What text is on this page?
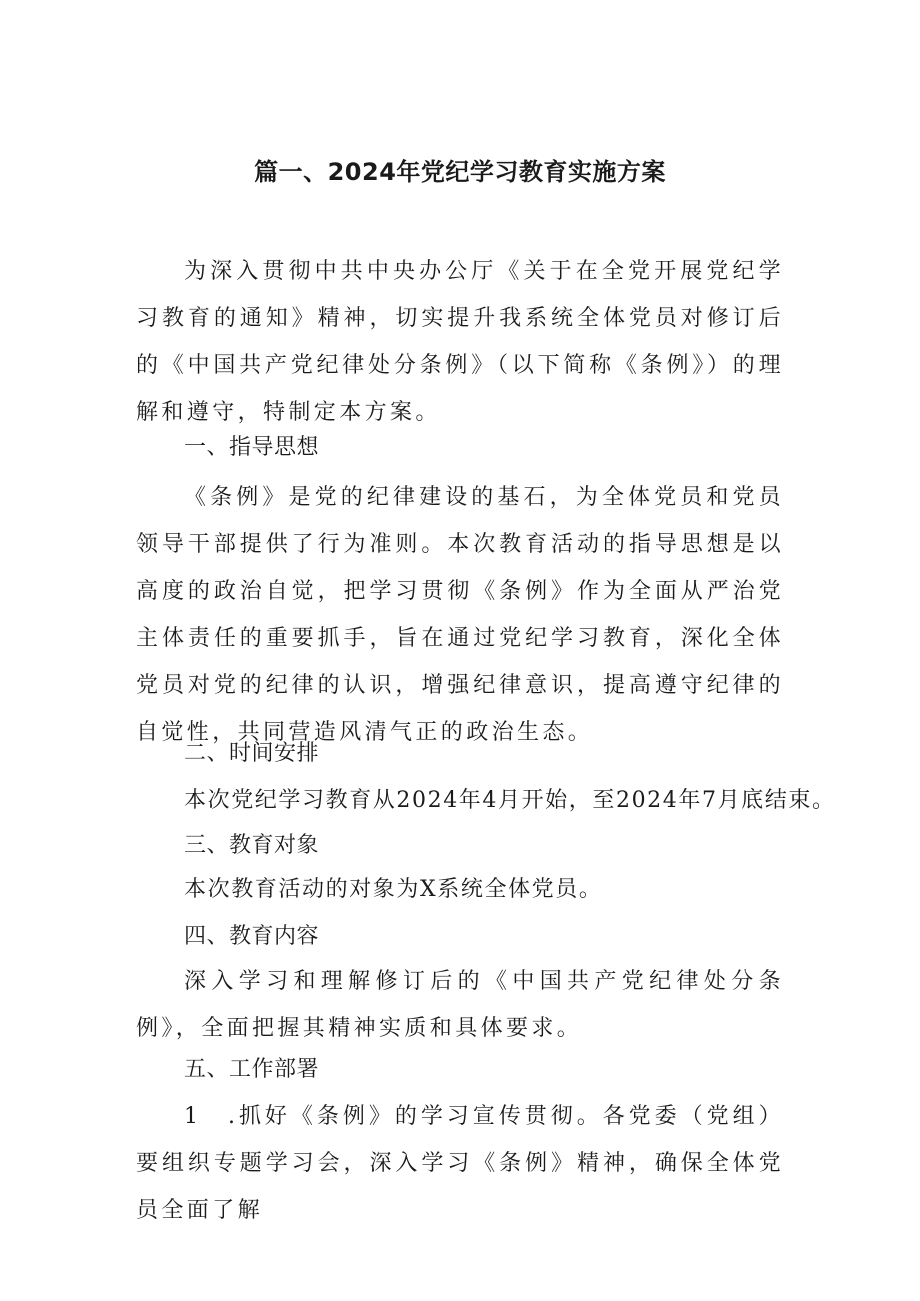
篇一、2024年党纪学习教育实施方案
为深入贯彻中共中央办公厅《关于在全党开展党纪学习教育的通知》精神，切实提升我系统全体党员对修订后的《中国共产党纪律处分条例》（以下简称《条例》）的理解和遵守，特制定本方案。
一、指导思想
《条例》是党的纪律建设的基石，为全体党员和党员领导干部提供了行为准则。本次教育活动的指导思想是以高度的政治自觉，把学习贯彻《条例》作为全面从严治党主体责任的重要抓手，旨在通过党纪学习教育，深化全体党员对党的纪律的认识，增强纪律意识，提高遵守纪律的自觉性，共同营造风清气正的政治生态。
二、时间安排
本次党纪学习教育从2024年4月开始，至2024年7月底结束。
三、教育对象
本次教育活动的对象为X系统全体党员。
四、教育内容
深入学习和理解修订后的《中国共产党纪律处分条例》，全面把握其精神实质和具体要求。
五、工作部署
1　.抓好《条例》的学习宣传贯彻。各党委（党组）要组织专题学习会，深入学习《条例》精神，确保全体党员全面了解
